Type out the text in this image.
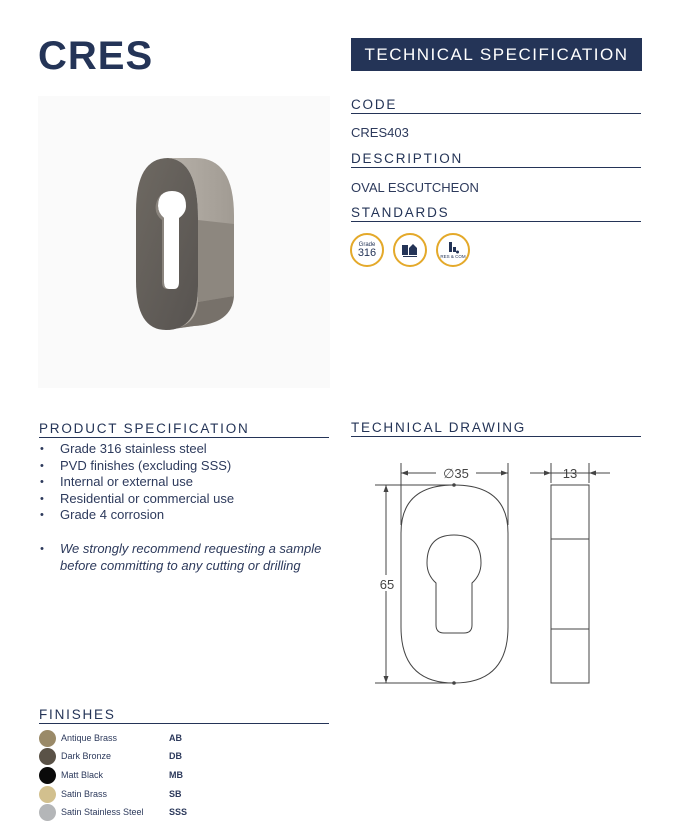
CRES	TECHNICAL SPECIFICATION
CODE
CRES403
DESCRIPTION
OVAL ESCUTCHEON
STANDARDS
Grade
316	RES & COM
PRODUCT SPECIFICATION
• Grade 316 stainless steel
• PVD finishes (excluding SSS)
• Internal or external use
• Residential or commercial use
• Grade 4 corrosion
• We strongly recommend requesting a sample before committing to any cutting or drilling
TECHNICAL DRAWING
∅35
65
13
FINISHES
Antique Brass	AB
Dark Bronze	DB
Matt Black	MB
Satin Brass	SB
Satin Stainless Steel	SSS
